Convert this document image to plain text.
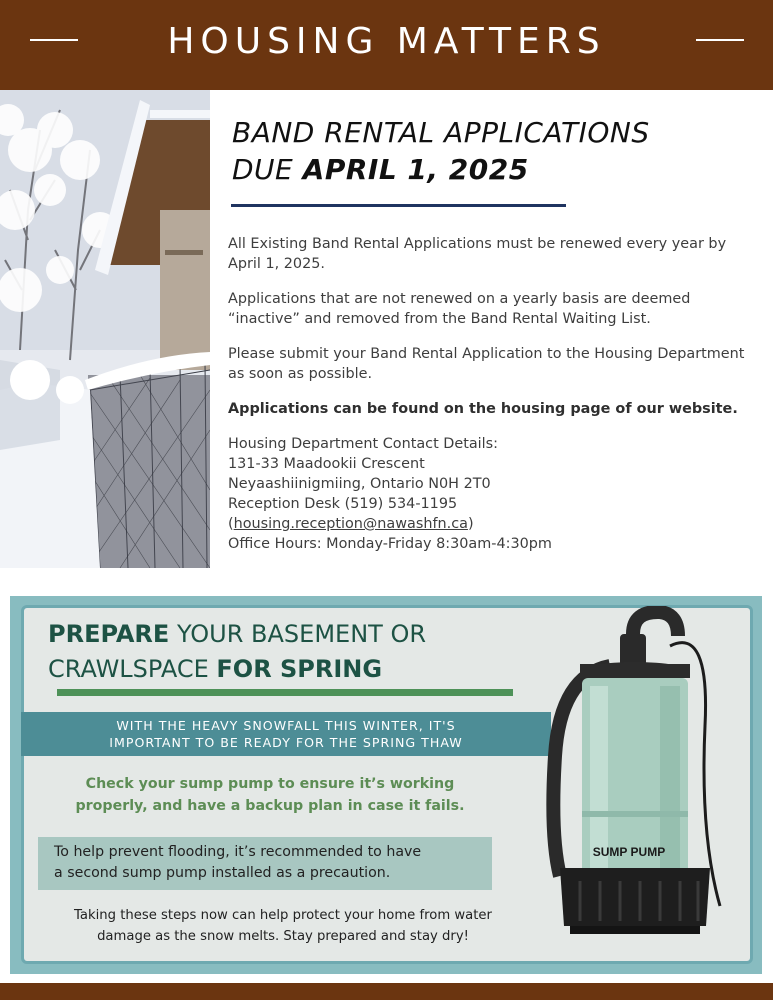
HOUSING MATTERS
BAND RENTAL APPLICATIONS
DUE APRIL 1, 2025

All Existing Band Rental Applications must be renewed every year by April 1, 2025.

Applications that are not renewed on a yearly basis are deemed “inactive” and removed from the Band Rental Waiting List.

Please submit your Band Rental Application to the Housing Department as soon as possible.

Applications can be found on the housing page of our website.

Housing Department Contact Details:
131-33 Maadookii Crescent
Neyaashiinigmiing, Ontario N0H 2T0
Reception Desk (519) 534-1195
(housing.reception@nawashfn.ca)
Office Hours: Monday-Friday 8:30am-4:30pm
PREPARE YOUR BASEMENT OR
CRAWLSPACE FOR SPRING
WITH THE HEAVY SNOWFALL THIS WINTER, IT'S
IMPORTANT TO BE READY FOR THE SPRING THAW
Check your sump pump to ensure it’s working
properly, and have a backup plan in case it fails.
To help prevent flooding, it’s recommended to have
a second sump pump installed as a precaution.
Taking these steps now can help protect your home from water
damage as the snow melts. Stay prepared and stay dry!
SUMP PUMP
